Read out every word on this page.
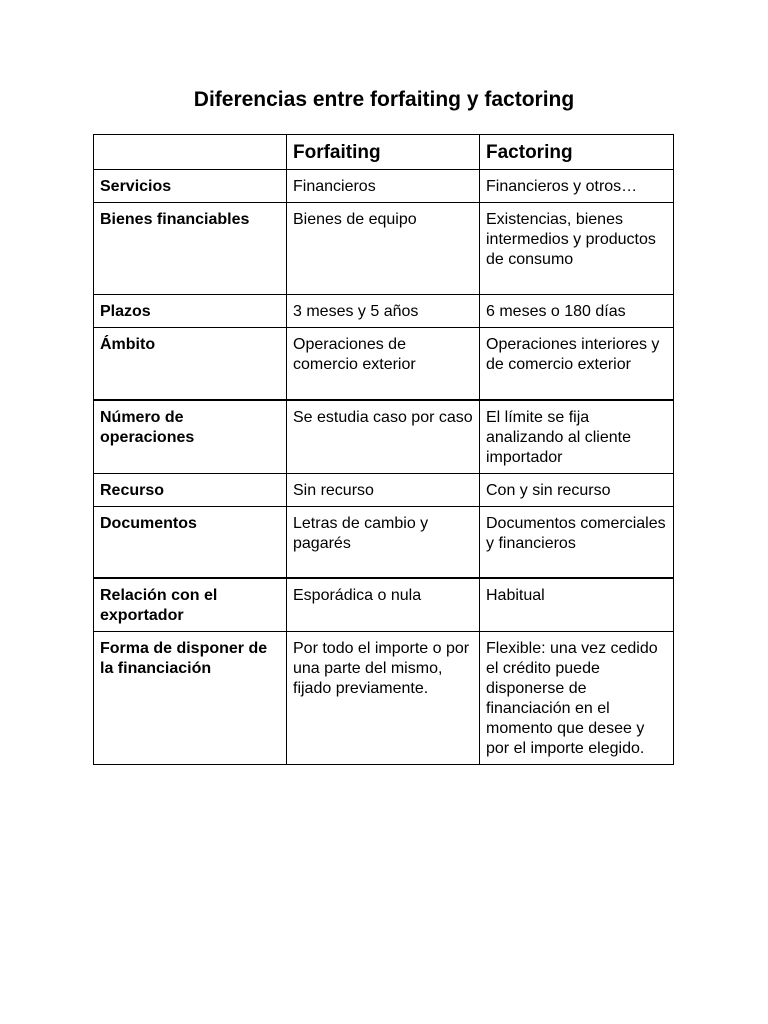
Diferencias entre forfaiting y factoring
	Forfaiting	Factoring
Servicios	Financieros	Financieros y otros…
Bienes financiables	Bienes de equipo	Existencias, bienes intermedios y productos de consumo
Plazos	3 meses y 5 años	6 meses o 180 días
Ámbito	Operaciones de comercio exterior	Operaciones interiores y de comercio exterior
Número de operaciones	Se estudia caso por caso	El límite se fija analizando al cliente importador
Recurso	Sin recurso	Con y sin recurso
Documentos	Letras de cambio y pagarés	Documentos comerciales y financieros
Relación con el exportador	Esporádica o nula	Habitual
Forma de disponer de la financiación	Por todo el importe o por una parte del mismo, fijado previamente.	Flexible: una vez cedido el crédito puede disponerse de financiación en el momento que desee y por el importe elegido.
